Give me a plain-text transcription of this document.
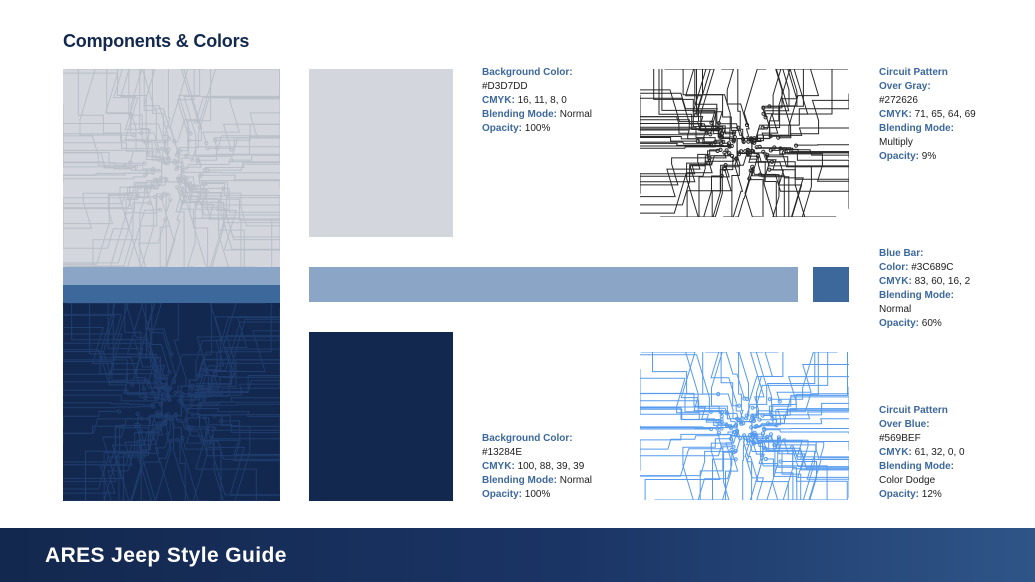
Components & Colors
Background Color:
#D3D7DD
CMYK: 16, 11, 8, 0
Blending Mode: Normal
Opacity: 100%
Circuit Pattern
Over Gray:
#272626
CMYK: 71, 65, 64, 69
Blending Mode:
Multiply
Opacity: 9%
Blue Bar:
Color: #3C689C
CMYK: 83, 60, 16, 2
Blending Mode:
Normal
Opacity: 60%
Circuit Pattern
Over Blue:
#569BEF
CMYK: 61, 32, 0, 0
Blending Mode:
Color Dodge
Opacity: 12%
Background Color:
#13284E
CMYK: 100, 88, 39, 39
Blending Mode: Normal
Opacity: 100%
ARES Jeep Style Guide
